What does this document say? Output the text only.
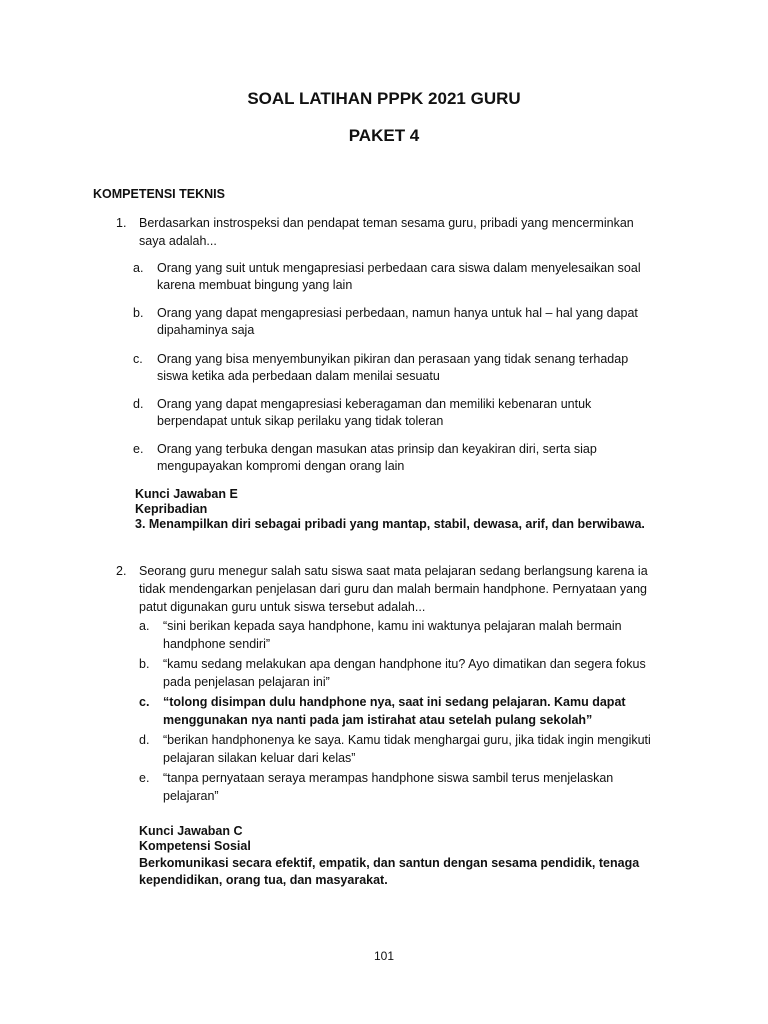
SOAL LATIHAN PPPK 2021 GURU
PAKET 4
KOMPETENSI TEKNIS
1. Berdasarkan instrospeksi dan pendapat teman sesama guru, pribadi yang mencerminkan
saya adalah...
a. Orang yang suit untuk mengapresiasi perbedaan cara siswa dalam menyelesaikan soal
karena membuat bingung yang lain
b. Orang yang dapat mengapresiasi perbedaan, namun hanya untuk hal – hal yang dapat
dipahaminya saja
c. Orang yang bisa menyembunyikan pikiran dan perasaan yang tidak senang terhadap
siswa ketika ada perbedaan dalam menilai sesuatu
d. Orang yang dapat mengapresiasi keberagaman dan memiliki kebenaran untuk
berpendapat untuk sikap perilaku yang tidak toleran
e. Orang yang terbuka dengan masukan atas prinsip dan keyakiran diri, serta siap
mengupayakan kompromi dengan orang lain
Kunci Jawaban E
Kepribadian
3. Menampilkan diri sebagai pribadi yang mantap, stabil, dewasa, arif, dan berwibawa.
2. Seorang guru menegur salah satu siswa saat mata pelajaran sedang berlangsung karena ia
tidak mendengarkan penjelasan dari guru dan malah bermain handphone. Pernyataan yang
patut digunakan guru untuk siswa tersebut adalah...
a. “sini berikan kepada saya handphone, kamu ini waktunya pelajaran malah bermain
handphone sendiri”
b. “kamu sedang melakukan apa dengan handphone itu? Ayo dimatikan dan segera fokus
pada penjelasan pelajaran ini”
c. “tolong disimpan dulu handphone nya, saat ini sedang pelajaran. Kamu dapat
menggunakan nya nanti pada jam istirahat atau setelah pulang sekolah”
d. “berikan handphonenya ke saya. Kamu tidak menghargai guru, jika tidak ingin mengikuti
pelajaran silakan keluar dari kelas”
e. “tanpa pernyataan seraya merampas handphone siswa sambil terus menjelaskan
pelajaran”
Kunci Jawaban C
Kompetensi Sosial
Berkomunikasi secara efektif, empatik, dan santun dengan sesama pendidik, tenaga
kependidikan, orang tua, dan masyarakat.
101
